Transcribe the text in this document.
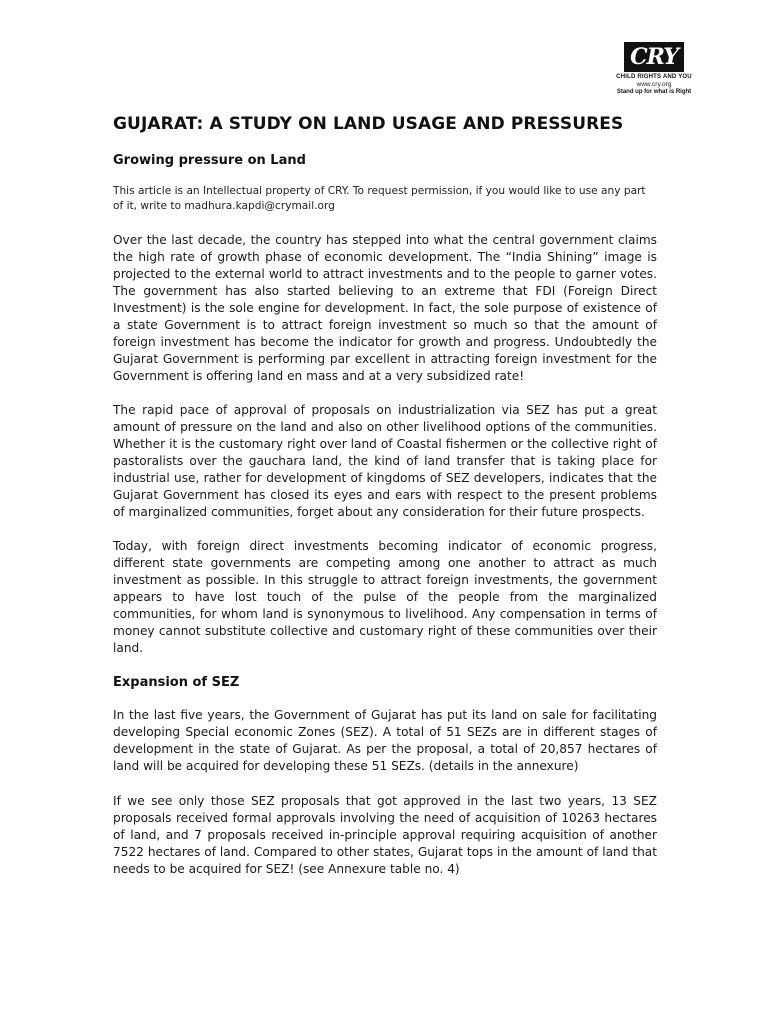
CRY
CHILD RIGHTS AND YOU
www.cry.org
Stand up for what is Right
GUJARAT: A STUDY ON LAND USAGE AND PRESSURES
Growing pressure on Land

This article is an Intellectual property of CRY. To request permission, if you would like to use any part of it, write to madhura.kapdi@crymail.org

Over the last decade, the country has stepped into what the central government claims the high rate of growth phase of economic development. The “India Shining” image is projected to the external world to attract investments and to the people to garner votes. The government has also started believing to an extreme that FDI (Foreign Direct Investment) is the sole engine for development. In fact, the sole purpose of existence of a state Government is to attract foreign investment so much so that the amount of foreign investment has become the indicator for growth and progress. Undoubtedly the Gujarat Government is performing par excellent in attracting foreign investment for the Government is offering land en mass and at a very subsidized rate!

The rapid pace of approval of proposals on industrialization via SEZ has put a great amount of pressure on the land and also on other livelihood options of the communities. Whether it is the customary right over land of Coastal fishermen or the collective right of pastoralists over the gauchara land, the kind of land transfer that is taking place for industrial use, rather for development of kingdoms of SEZ developers, indicates that the Gujarat Government has closed its eyes and ears with respect to the present problems of marginalized communities, forget about any consideration for their future prospects.

Today, with foreign direct investments becoming indicator of economic progress, different state governments are competing among one another to attract as much investment as possible. In this struggle to attract foreign investments, the government appears to have lost touch of the pulse of the people from the marginalized communities, for whom land is synonymous to livelihood. Any compensation in terms of money cannot substitute collective and customary right of these communities over their land.

Expansion of SEZ

In the last five years, the Government of Gujarat has put its land on sale for facilitating developing Special economic Zones (SEZ). A total of 51 SEZs are in different stages of development in the state of Gujarat. As per the proposal, a total of 20,857 hectares of land will be acquired for developing these 51 SEZs. (details in the annexure)

If we see only those SEZ proposals that got approved in the last two years, 13 SEZ proposals received formal approvals involving the need of acquisition of 10263 hectares of land, and 7 proposals received in-principle approval requiring acquisition of another 7522 hectares of land. Compared to other states, Gujarat tops in the amount of land that needs to be acquired for SEZ! (see Annexure table no. 4)
